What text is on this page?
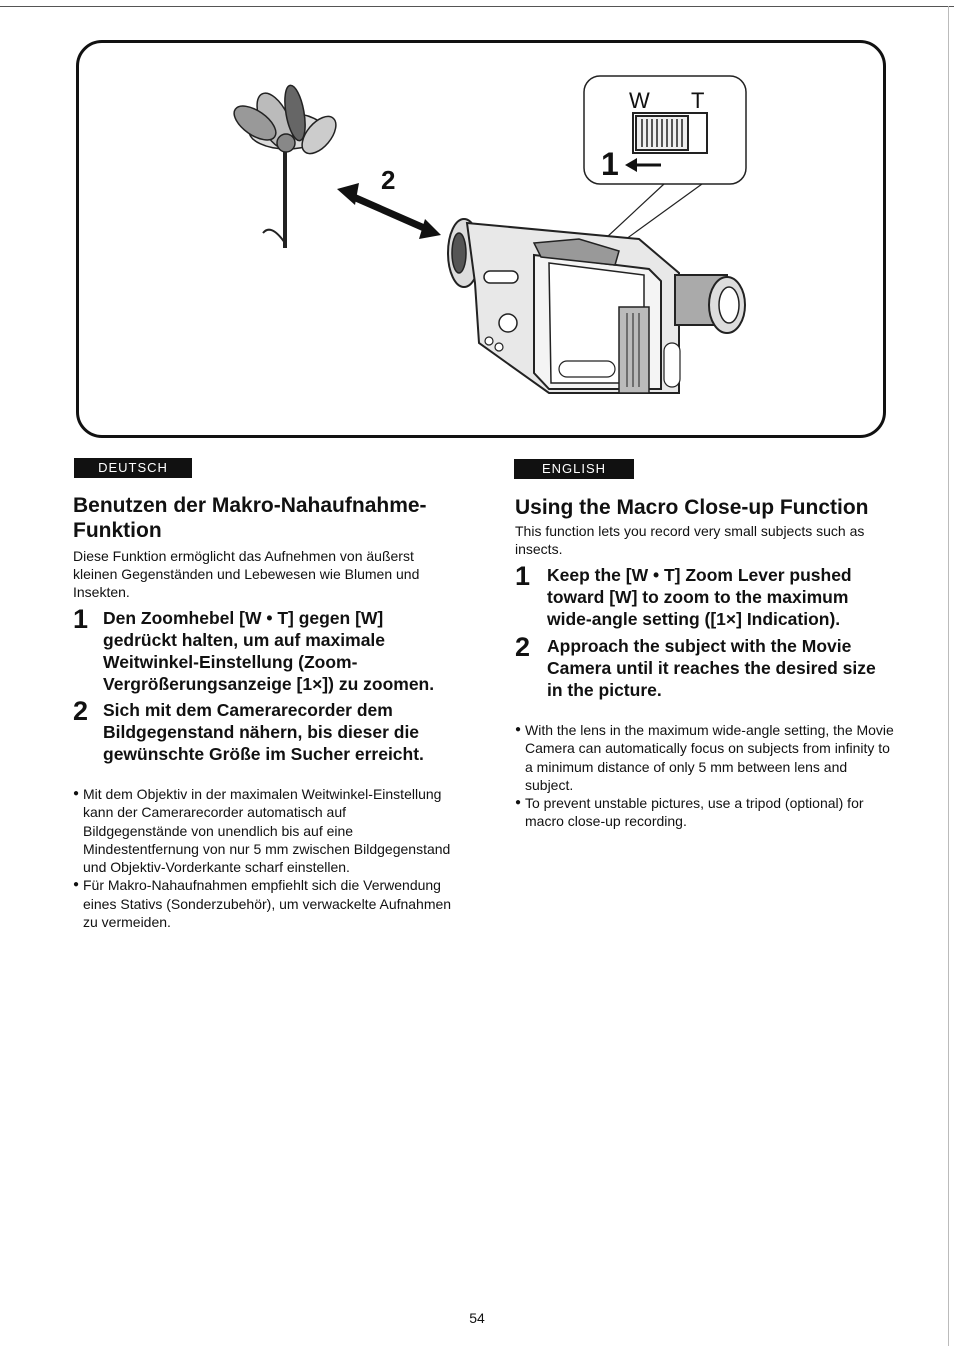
2
W T
1
DEUTSCH
Benutzen der Makro-Nahaufnahme-Funktion

Diese Funktion ermöglicht das Aufnehmen von äußerst kleinen Gegenständen und Lebewesen wie Blumen und Insekten.

1 Den Zoomhebel [W • T] gegen [W] gedrückt halten, um auf maximale Weitwinkel-Einstellung (Zoom-Vergrößerungsanzeige [1×]) zu zoomen.
2 Sich mit dem Camerarecorder dem Bildgegenstand nähern, bis dieser die gewünschte Größe im Sucher erreicht.

● Mit dem Objektiv in der maximalen Weitwinkel-Einstellung kann der Camerarecorder automatisch auf Bildgegenstände von unendlich bis auf eine Mindestentfernung von nur 5 mm zwischen Bildgegenstand und Objektiv-Vorderkante scharf einstellen.

● Für Makro-Nahaufnahmen empfiehlt sich die Verwendung eines Stativs (Sonderzubehör), um verwackelte Aufnahmen zu vermeiden.

ENGLISH
Using the Macro Close-up Function

This function lets you record very small subjects such as insects.

1 Keep the [W • T] Zoom Lever pushed toward [W] to zoom to the maximum wide-angle setting ([1×] Indication).
2 Approach the subject with the Movie Camera until it reaches the desired size in the picture.

● With the lens in the maximum wide-angle setting, the Movie Camera can automatically focus on subjects from infinity to a minimum distance of only 5 mm between lens and subject.

● To prevent unstable pictures, use a tripod (optional) for macro close-up recording.

54
